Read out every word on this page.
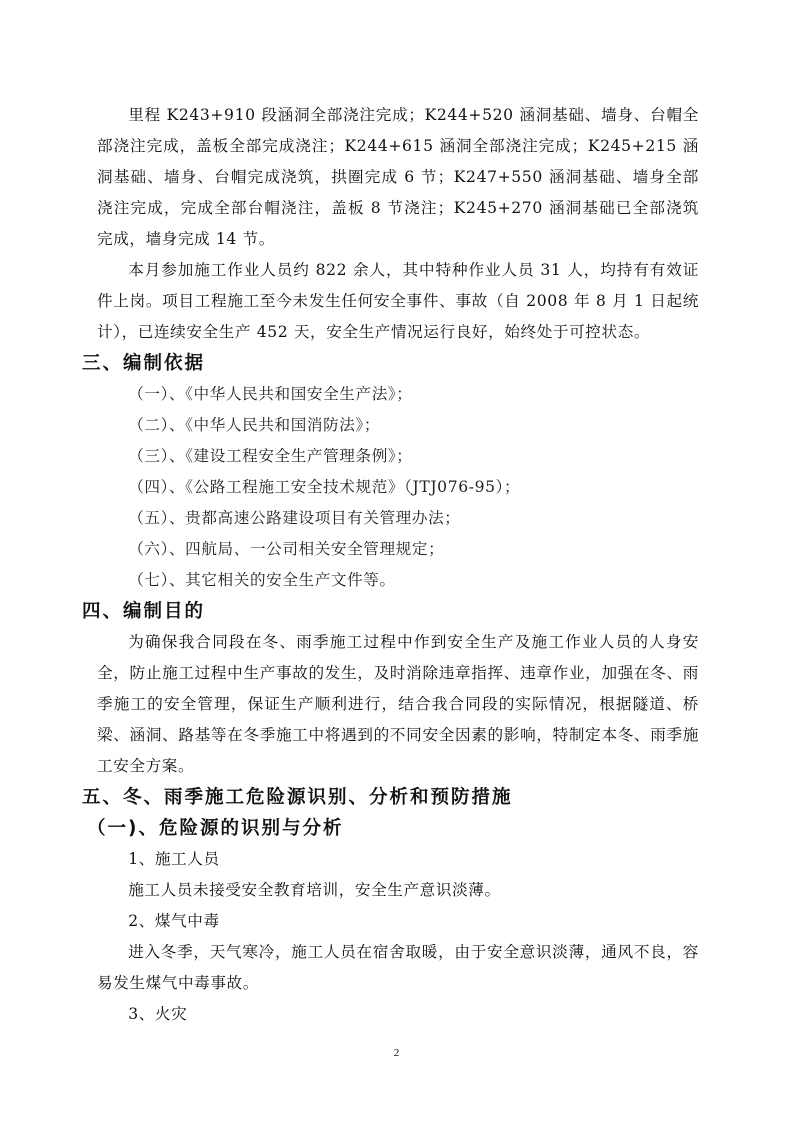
里程 K243+910 段涵洞全部浇注完成；K244+520 涵洞基础、墙身、台帽全部浇注完成，盖板全部完成浇注；K244+615 涵洞全部浇注完成；K245+215 涵洞基础、墙身、台帽完成浇筑，拱圈完成 6 节；K247+550 涵洞基础、墙身全部浇注完成，完成全部台帽浇注，盖板 8 节浇注；K245+270 涵洞基础已全部浇筑完成，墙身完成 14 节。

本月参加施工作业人员约 822 余人，其中特种作业人员 31 人，均持有有效证件上岗。项目工程施工至今未发生任何安全事件、事故（自 2008 年 8 月 1 日起统计），已连续安全生产 452 天，安全生产情况运行良好，始终处于可控状态。

三、编制依据

（一）、《中华人民共和国安全生产法》；

（二）、《中华人民共和国消防法》；

（三）、《建设工程安全生产管理条例》；

（四）、《公路工程施工安全技术规范》（JTJ076-95）；

（五）、贵都高速公路建设项目有关管理办法；

（六）、四航局、一公司相关安全管理规定；

（七）、其它相关的安全生产文件等。

四、编制目的

为确保我合同段在冬、雨季施工过程中作到安全生产及施工作业人员的人身安全，防止施工过程中生产事故的发生，及时消除违章指挥、违章作业，加强在冬、雨季施工的安全管理，保证生产顺利进行，结合我合同段的实际情况，根据隧道、桥梁、涵洞、路基等在冬季施工中将遇到的不同安全因素的影响，特制定本冬、雨季施工安全方案。

五、冬、雨季施工危险源识别、分析和预防措施
（一)、危险源的识别与分析

1、施工人员

施工人员未接受安全教育培训，安全生产意识淡薄。

2、煤气中毒

进入冬季，天气寒冷，施工人员在宿舍取暖，由于安全意识淡薄，通风不良，容易发生煤气中毒事故。

3、火灾

2
